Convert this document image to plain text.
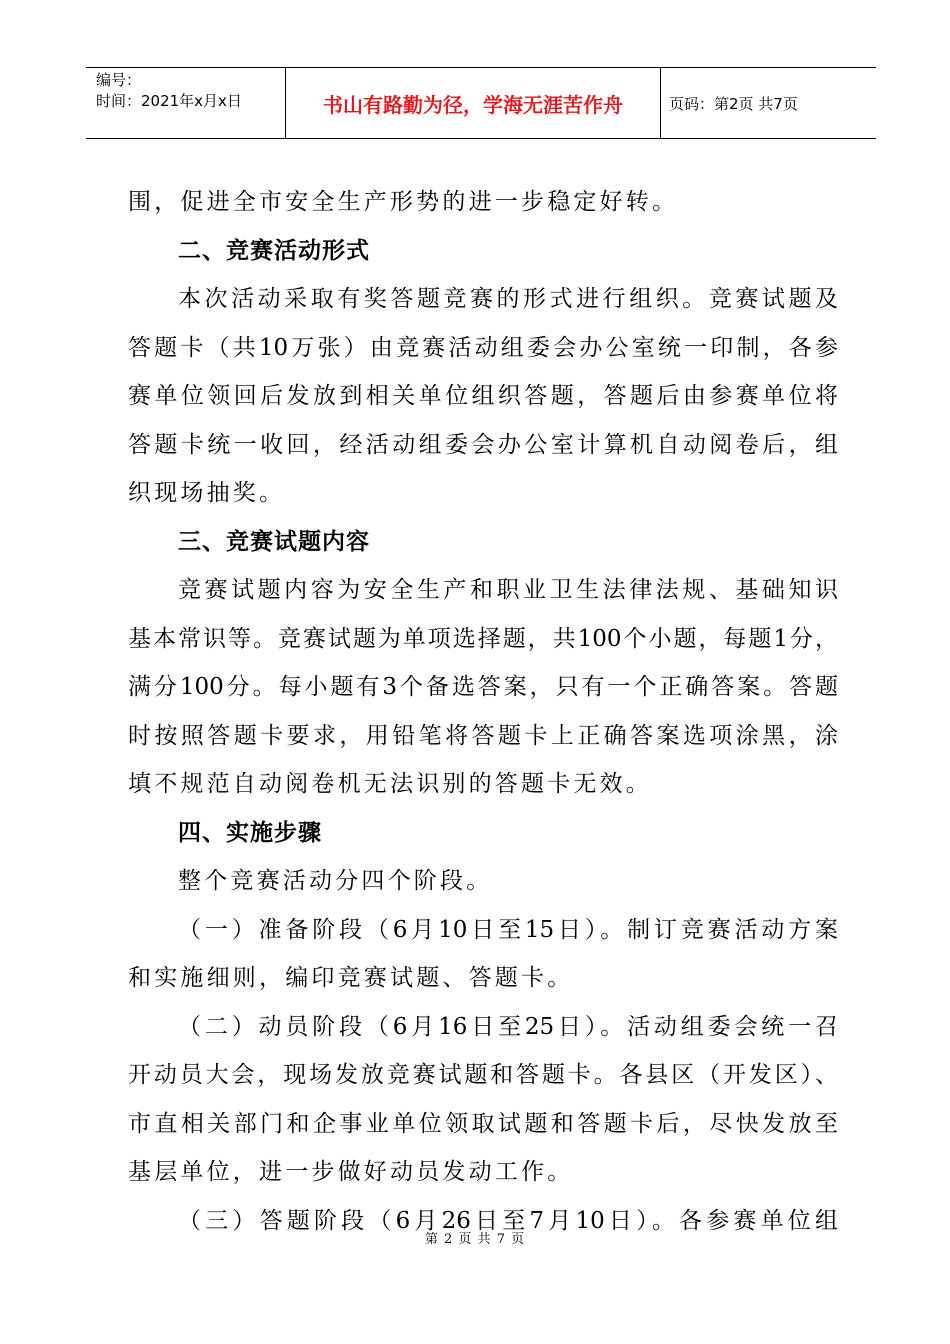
编号：
时间：2021年x月x日	书山有路勤为径，学海无涯苦作舟	页码：第2页 共7页
围，促进全市安全生产形势的进一步稳定好转。
二、竞赛活动形式
本次活动采取有奖答题竞赛的形式进行组织。竞赛试题及
答题卡（共10万张）由竞赛活动组委会办公室统一印制，各参
赛单位领回后发放到相关单位组织答题，答题后由参赛单位将
答题卡统一收回，经活动组委会办公室计算机自动阅卷后，组
织现场抽奖。
三、竞赛试题内容
竞赛试题内容为安全生产和职业卫生法律法规、基础知识
基本常识等。竞赛试题为单项选择题，共100个小题，每题1分，
满分100分。每小题有3个备选答案，只有一个正确答案。答题
时按照答题卡要求，用铅笔将答题卡上正确答案选项涂黑，涂
填不规范自动阅卷机无法识别的答题卡无效。
四、实施步骤
整个竞赛活动分四个阶段。
（一）准备阶段（6月10日至15日）。制订竞赛活动方案
和实施细则，编印竞赛试题、答题卡。
（二）动员阶段（6月16日至25日）。活动组委会统一召
开动员大会，现场发放竞赛试题和答题卡。各县区（开发区）、
市直相关部门和企事业单位领取试题和答题卡后，尽快发放至
基层单位，进一步做好动员发动工作。
（三）答题阶段（6月26日至7月10日）。各参赛单位组
第 2 页 共 7 页
